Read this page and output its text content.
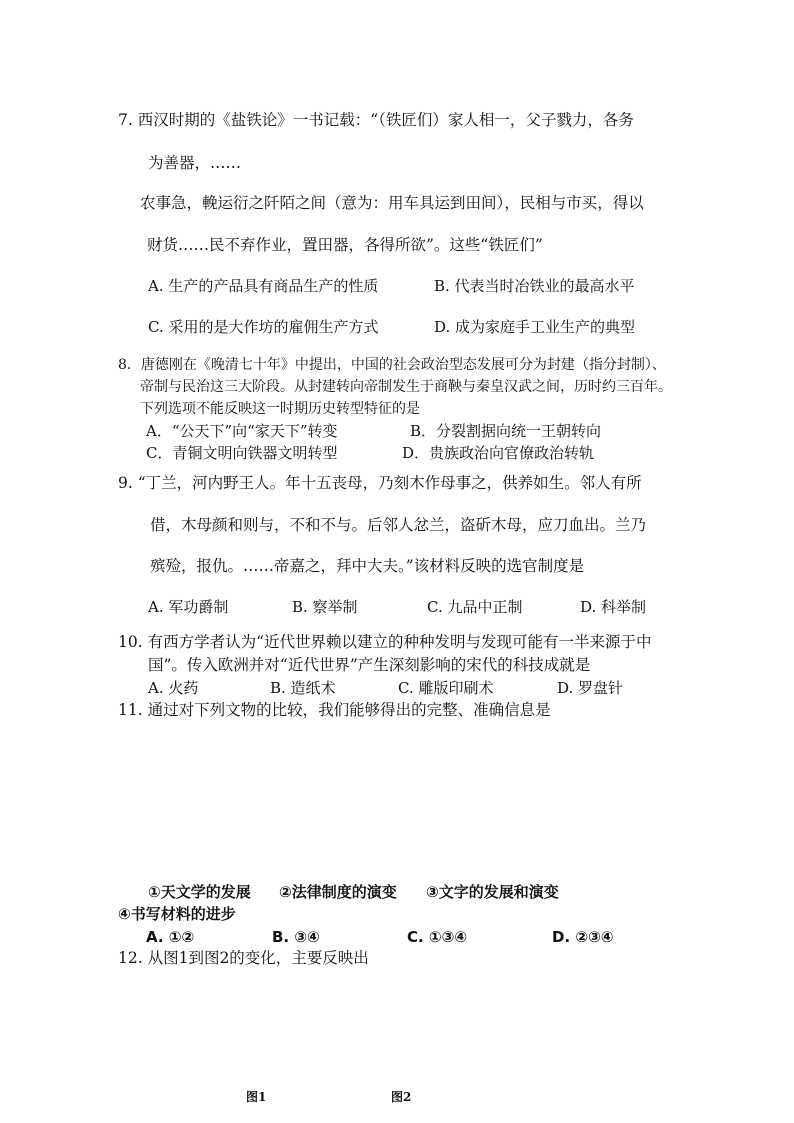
7. 西汉时期的《盐铁论》一书记载：“（铁匠们）家人相一，父子戮力，各务
为善器，……
农事急，輓运衍之阡陌之间（意为：用车具运到田间），民相与市买，得以
财货……民不弃作业，置田器，各得所欲”。这些“铁匠们”
A. 生产的产品具有商品生产的性质	B. 代表当时冶铁业的最高水平
C. 采用的是大作坊的雇佣生产方式	D. 成为家庭手工业生产的典型
8．唐德刚在《晚清七十年》中提出，中国的社会政治型态发展可分为封建（指分封制）、
帝制与民治这三大阶段。从封建转向帝制发生于商鞅与秦皇汉武之间，历时约三百年。
下列选项不能反映这一时期历史转型特征的是
A．“公天下”向“家天下”转变	B．分裂割据向统一王朝转向
C．青铜文明向铁器文明转型	D．贵族政治向官僚政治转轨
9. “丁兰，河内野王人。年十五丧母，乃刻木作母事之，供养如生。邻人有所
借，木母颜和则与，不和不与。后邻人忿兰，盗斫木母，应刀血出。兰乃
殡殓，报仇。……帝嘉之，拜中大夫。”该材料反映的选官制度是
A. 军功爵制	B. 察举制	C. 九品中正制	D. 科举制
10. 有西方学者认为“近代世界赖以建立的种种发明与发现可能有一半来源于中
国”。传入欧洲并对“近代世界”产生深刻影响的宋代的科技成就是
A. 火药	B. 造纸术	C. 雕版印刷术	D. 罗盘针
11. 通过对下列文物的比较，我们能够得出的完整、准确信息是
①天文学的发展 ②法律制度的演变 ③文字的发展和演变
④书写材料的进步
A. ①②	B. ③④	C. ①③④	D. ②③④
12. 从图1到图2的变化，主要反映出
图1	图2
